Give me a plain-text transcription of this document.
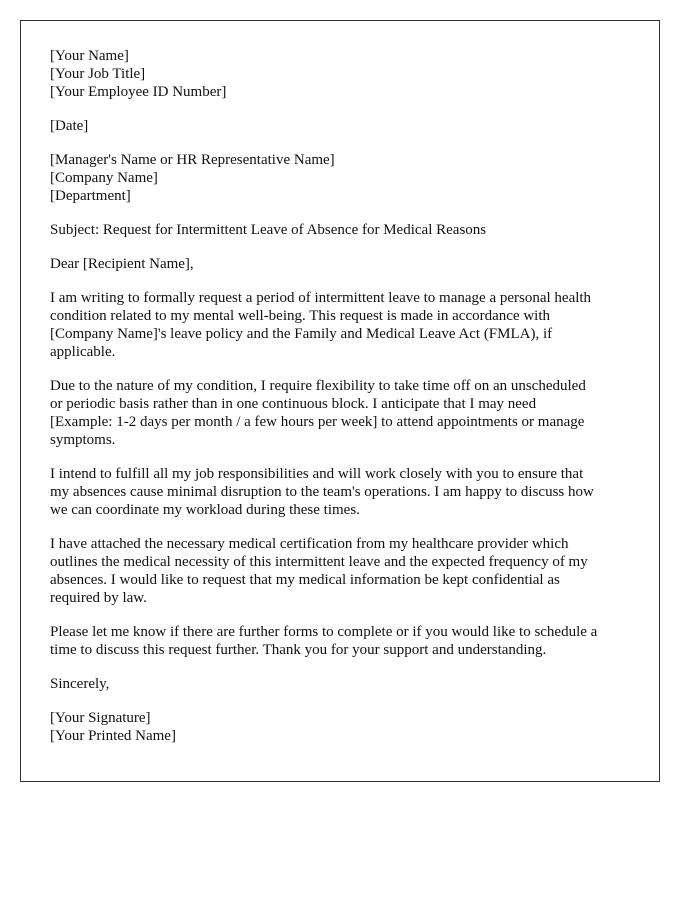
[Your Name]
[Your Job Title]
[Your Employee ID Number]
[Date]
[Manager's Name or HR Representative Name]
[Company Name]
[Department]
Subject: Request for Intermittent Leave of Absence for Medical Reasons
Dear [Recipient Name],
I am writing to formally request a period of intermittent leave to manage a personal health
condition related to my mental well-being. This request is made in accordance with
[Company Name]'s leave policy and the Family and Medical Leave Act (FMLA), if
applicable.
Due to the nature of my condition, I require flexibility to take time off on an unscheduled
or periodic basis rather than in one continuous block. I anticipate that I may need
[Example: 1-2 days per month / a few hours per week] to attend appointments or manage
symptoms.
I intend to fulfill all my job responsibilities and will work closely with you to ensure that
my absences cause minimal disruption to the team's operations. I am happy to discuss how
we can coordinate my workload during these times.
I have attached the necessary medical certification from my healthcare provider which
outlines the medical necessity of this intermittent leave and the expected frequency of my
absences. I would like to request that my medical information be kept confidential as
required by law.
Please let me know if there are further forms to complete or if you would like to schedule a
time to discuss this request further. Thank you for your support and understanding.
Sincerely,
[Your Signature]
[Your Printed Name]
